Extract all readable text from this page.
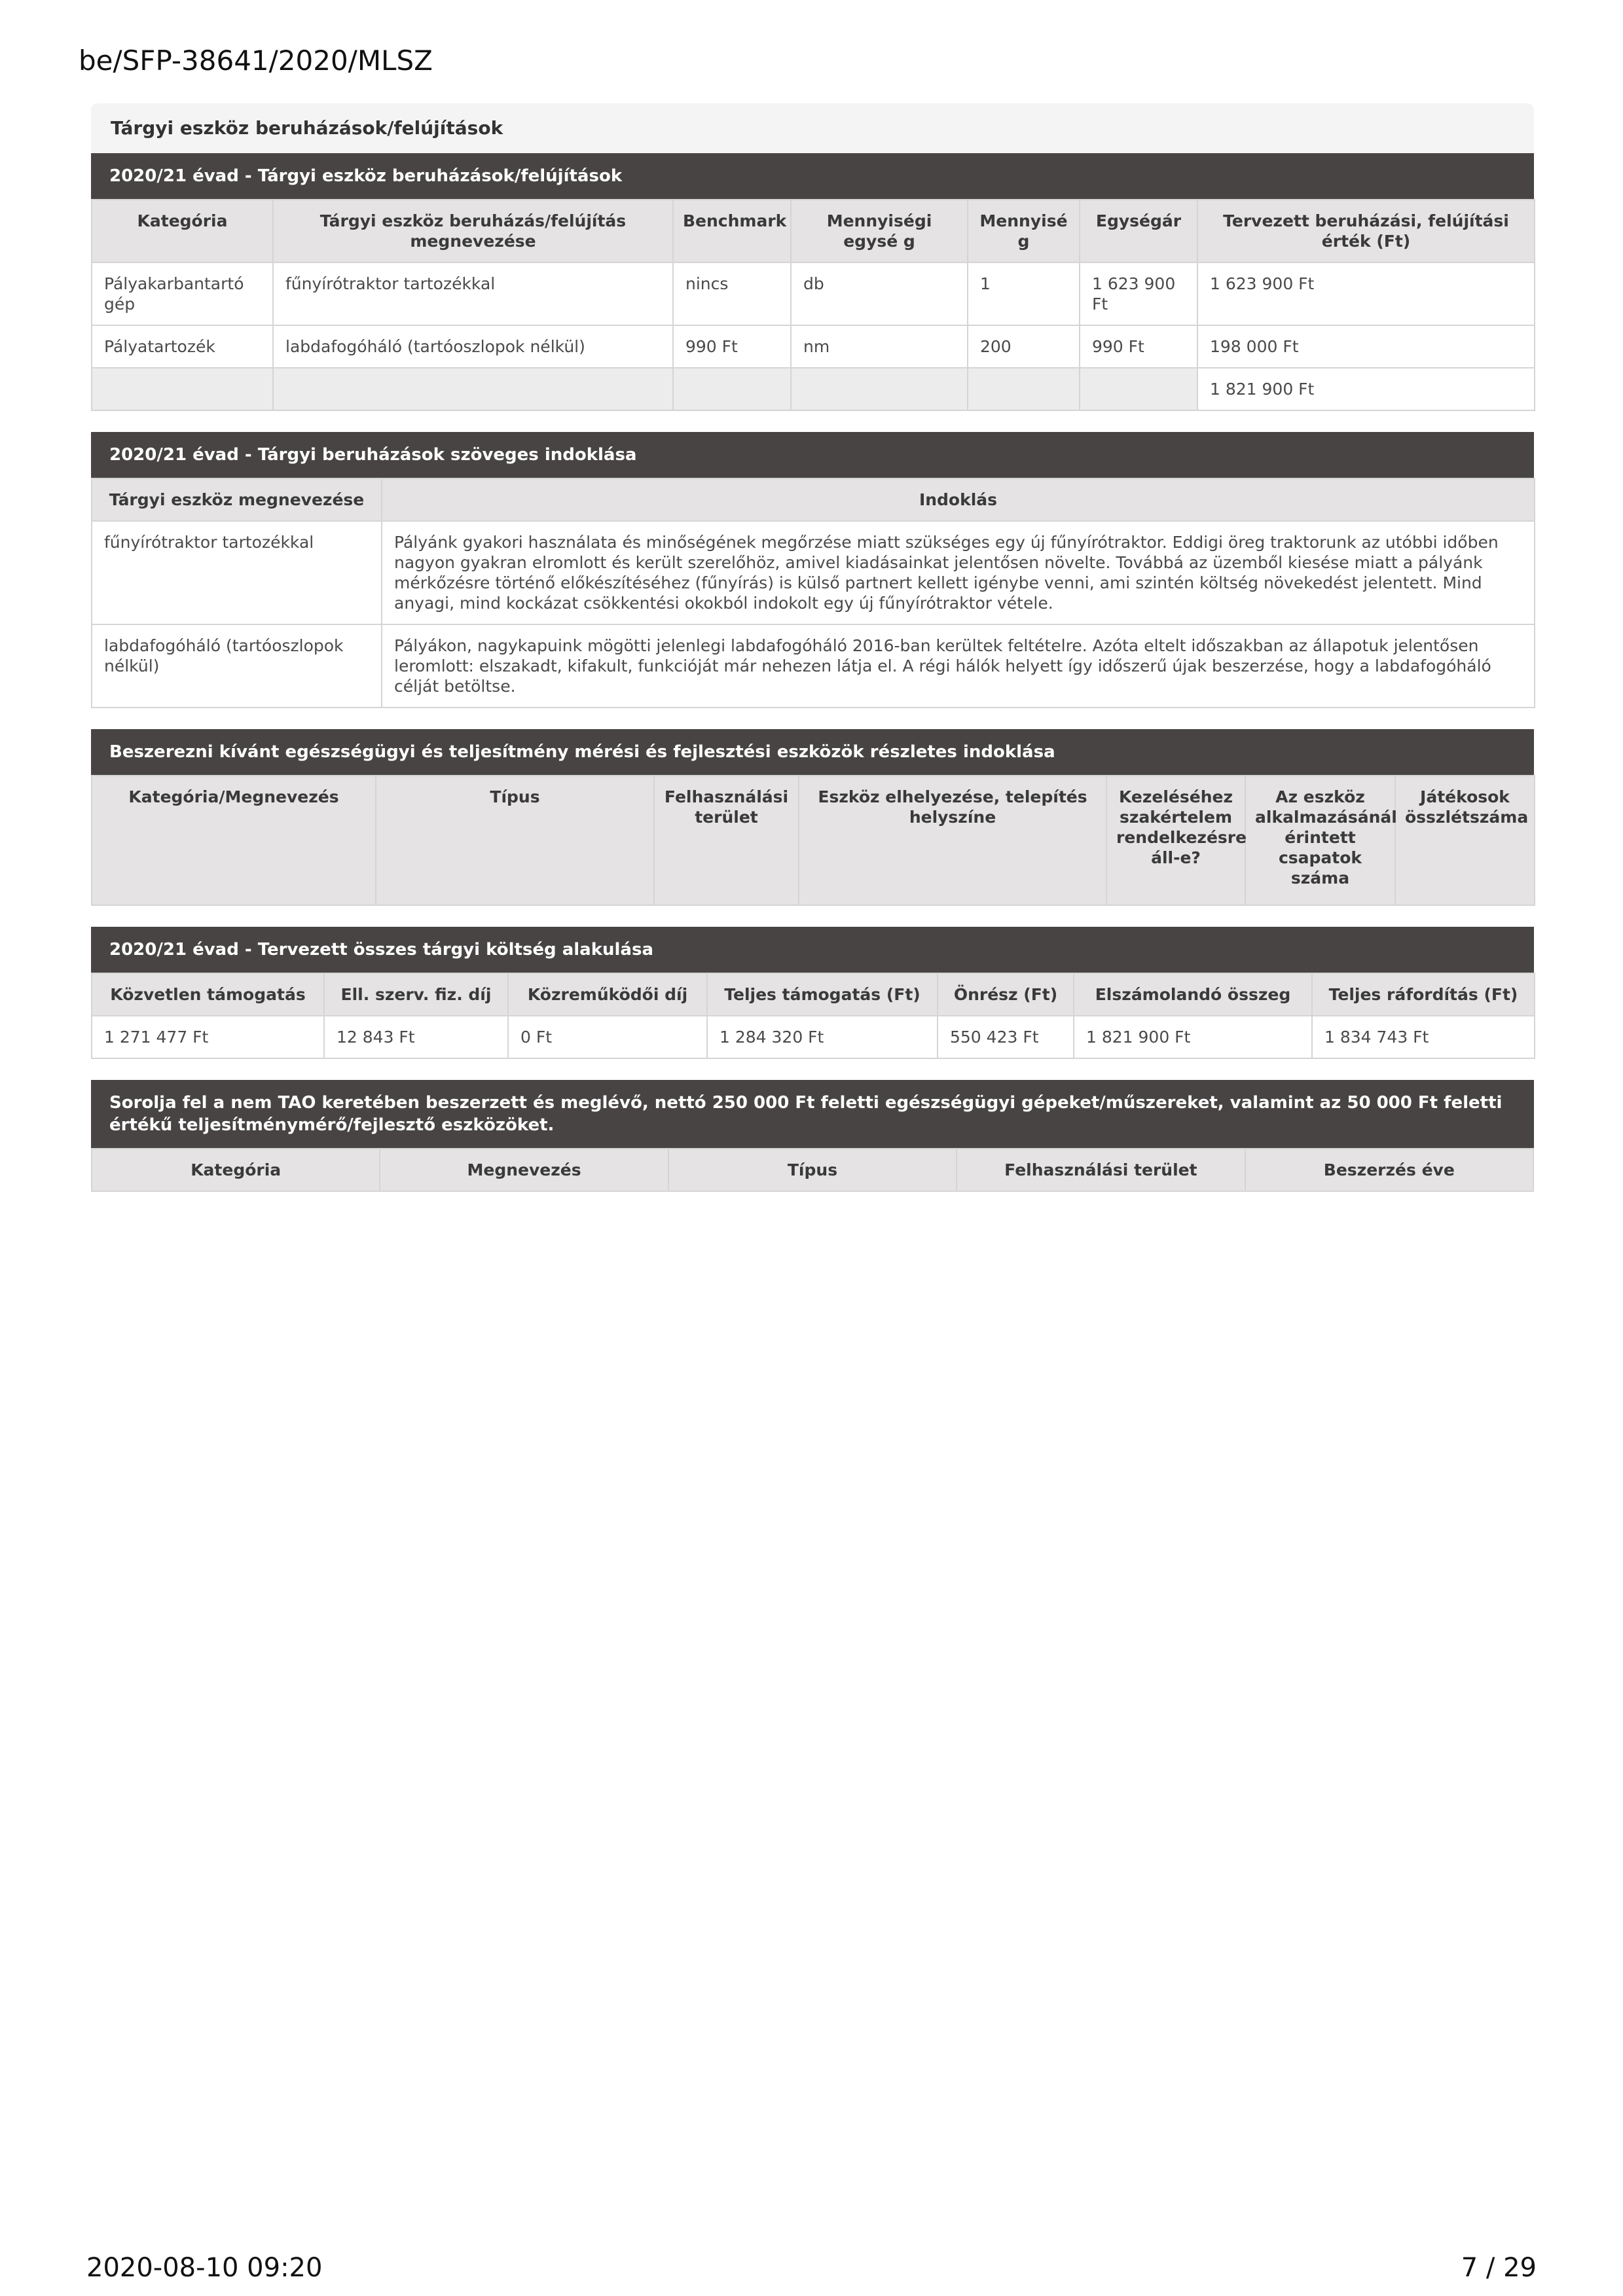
be/SFP-38641/2020/MLSZ
Tárgyi eszköz beruházások/felújítások
2020/21 évad - Tárgyi eszköz beruházások/felújítások
Kategória	Tárgyi eszköz beruházás/felújítás megnevezése	Benchmark	Mennyiségi egysé g	Mennyisé g	Egységár	Tervezett beruházási, felújítási érték (Ft)
Pályakarbantartó gép	fűnyírótraktor tartozékkal	nincs	db	1	1 623 900 Ft	1 623 900 Ft
Pályatartozék	labdafogóháló (tartóoszlopok nélkül)	990 Ft	nm	200	990 Ft	198 000 Ft
						1 821 900 Ft
2020/21 évad - Tárgyi beruházások szöveges indoklása
Tárgyi eszköz megnevezése	Indoklás
fűnyírótraktor tartozékkal	Pályánk gyakori használata és minőségének megőrzése miatt szükséges egy új fűnyírótraktor. Eddigi öreg traktorunk az utóbbi időben nagyon gyakran elromlott és került szerelőhöz, amivel kiadásainkat jelentősen növelte. Továbbá az üzemből kiesése miatt a pályánk mérkőzésre történő előkészítéséhez (fűnyírás) is külső partnert kellett igénybe venni, ami szintén költség növekedést jelentett. Mind anyagi, mind kockázat csökkentési okokból indokolt egy új fűnyírótraktor vétele.
labdafogóháló (tartóoszlopok nélkül)	Pályákon, nagykapuink mögötti jelenlegi labdafogóháló 2016-ban kerültek feltételre. Azóta eltelt időszakban az állapotuk jelentősen leromlott: elszakadt, kifakult, funkcióját már nehezen látja el. A régi hálók helyett így időszerű újak beszerzése, hogy a labdafogóháló célját betöltse.
Beszerezni kívánt egészségügyi és teljesítmény mérési és fejlesztési eszközök részletes indoklása
Kategória/Megnevezés	Típus	Felhasználási terület	Eszköz elhelyezése, telepítés helyszíne	Kezeléséhez szakértelem rendelkezésre áll-e?	Az eszköz alkalmazásánál érintett csapatok száma	Játékosok összlétszáma
2020/21 évad - Tervezett összes tárgyi költség alakulása
Közvetlen támogatás	Ell. szerv. fiz. díj	Közreműködői díj	Teljes támogatás (Ft)	Önrész (Ft)	Elszámolandó összeg	Teljes ráfordítás (Ft)
1 271 477 Ft	12 843 Ft	0 Ft	1 284 320 Ft	550 423 Ft	1 821 900 Ft	1 834 743 Ft
Sorolja fel a nem TAO keretében beszerzett és meglévő, nettó 250 000 Ft feletti egészségügyi gépeket/műszereket, valamint az 50 000 Ft feletti értékű teljesítménymérő/fejlesztő eszközöket.
Kategória	Megnevezés	Típus	Felhasználási terület	Beszerzés éve
2020-08-10 09:20	7 / 29
